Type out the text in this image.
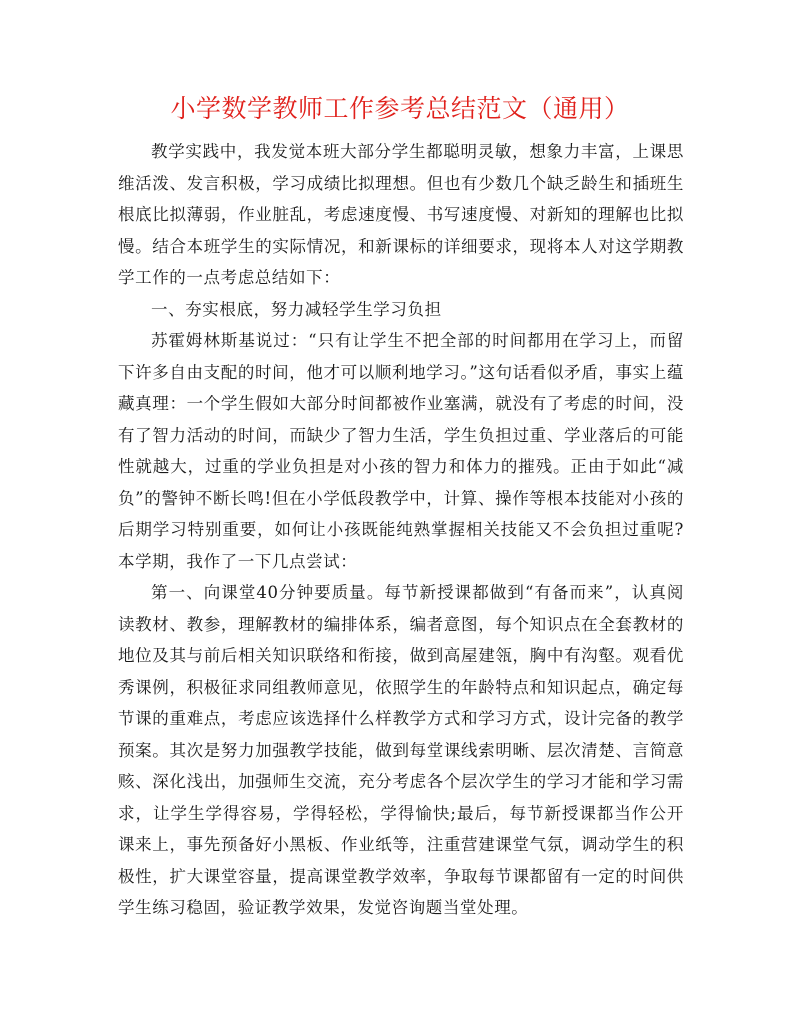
小学数学教师工作参考总结范文（通用）

教学实践中，我发觉本班大部分学生都聪明灵敏，想象力丰富，上课思维活泼、发言积极，学习成绩比拟理想。但也有少数几个缺乏龄生和插班生根底比拟薄弱，作业脏乱，考虑速度慢、书写速度慢、对新知的理解也比拟慢。结合本班学生的实际情况，和新课标的详细要求，现将本人对这学期教学工作的一点考虑总结如下：

一、夯实根底，努力减轻学生学习负担

苏霍姆林斯基说过：“只有让学生不把全部的时间都用在学习上，而留下许多自由支配的时间，他才可以顺利地学习。”这句话看似矛盾，事实上蕴藏真理：一个学生假如大部分时间都被作业塞满，就没有了考虑的时间，没有了智力活动的时间，而缺少了智力生活，学生负担过重、学业落后的可能性就越大，过重的学业负担是对小孩的智力和体力的摧残。正由于如此“减负”的警钟不断长鸣!但在小学低段教学中，计算、操作等根本技能对小孩的后期学习特别重要，如何让小孩既能纯熟掌握相关技能又不会负担过重呢?本学期，我作了一下几点尝试：

第一、向课堂40分钟要质量。每节新授课都做到“有备而来”，认真阅读教材、教参，理解教材的编排体系，编者意图，每个知识点在全套教材的地位及其与前后相关知识联络和衔接，做到高屋建瓴，胸中有沟壑。观看优秀课例，积极征求同组教师意见，依照学生的年龄特点和知识起点，确定每节课的重难点，考虑应该选择什么样教学方式和学习方式，设计完备的教学预案。其次是努力加强教学技能，做到每堂课线索明晰、层次清楚、言简意赅、深化浅出，加强师生交流，充分考虑各个层次学生的学习才能和学习需求，让学生学得容易，学得轻松，学得愉快;最后，每节新授课都当作公开课来上，事先预备好小黑板、作业纸等，注重营建课堂气氛，调动学生的积极性，扩大课堂容量，提高课堂教学效率，争取每节课都留有一定的时间供学生练习稳固，验证教学效果，发觉咨询题当堂处理。
